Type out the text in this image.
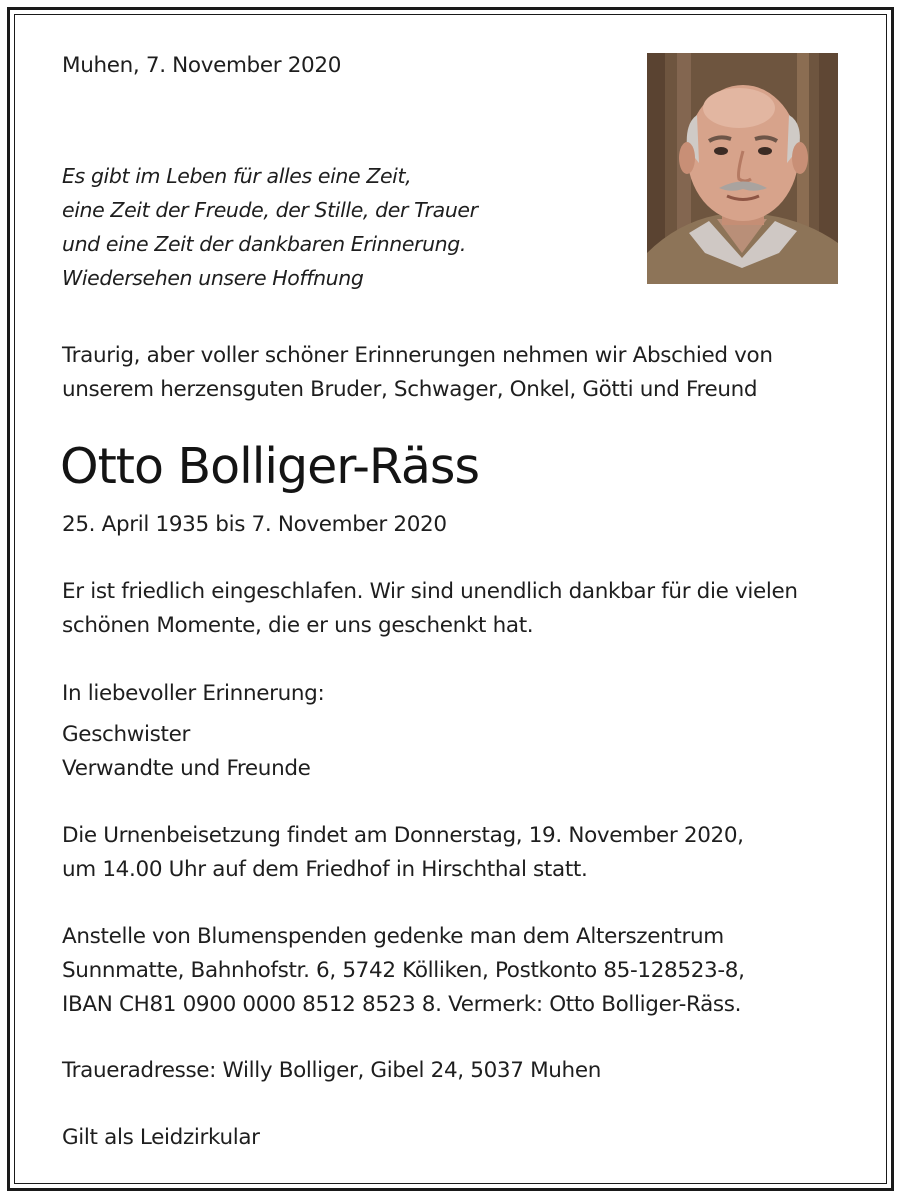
Muhen, 7. November 2020

Es gibt im Leben für alles eine Zeit,
eine Zeit der Freude, der Stille, der Trauer
und eine Zeit der dankbaren Erinnerung.
Wiedersehen unsere Hoffnung

Traurig, aber voller schöner Erinnerungen nehmen wir Abschied von
unserem herzensguten Bruder, Schwager, Onkel, Götti und Freund

Otto Bolliger-Räss

25. April 1935 bis 7. November 2020

Er ist friedlich eingeschlafen. Wir sind unendlich dankbar für die vielen
schönen Momente, die er uns geschenkt hat.

In liebevoller Erinnerung:

Geschwister
Verwandte und Freunde

Die Urnenbeisetzung findet am Donnerstag, 19. November 2020,
um 14.00 Uhr auf dem Friedhof in Hirschthal statt.

Anstelle von Blumenspenden gedenke man dem Alterszentrum
Sunnmatte, Bahnhofstr. 6, 5742 Kölliken, Postkonto 85-128523-8,
IBAN CH81 0900 0000 8512 8523 8. Vermerk: Otto Bolliger-Räss.

Traueradresse: Willy Bolliger, Gibel 24, 5037 Muhen

Gilt als Leidzirkular
